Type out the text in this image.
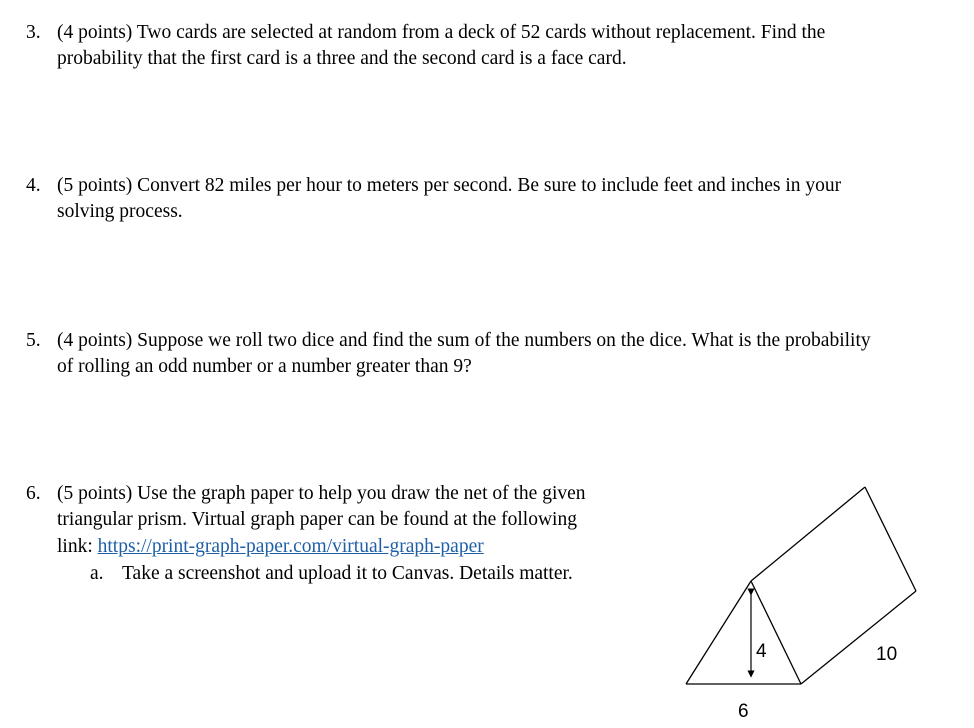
3. (4 points) Two cards are selected at random from a deck of 52 cards without replacement. Find the
probability that the first card is a three and the second card is a face card.
4. (5 points) Convert 82 miles per hour to meters per second. Be sure to include feet and inches in your
solving process.
5. (4 points) Suppose we roll two dice and find the sum of the numbers on the dice. What is the probability
of rolling an odd number or a number greater than 9?
6. (5 points) Use the graph paper to help you draw the net of the given
triangular prism. Virtual graph paper can be found at the following
link: https://print-graph-paper.com/virtual-graph-paper
a. Take a screenshot and upload it to Canvas. Details matter.
4
6
10
